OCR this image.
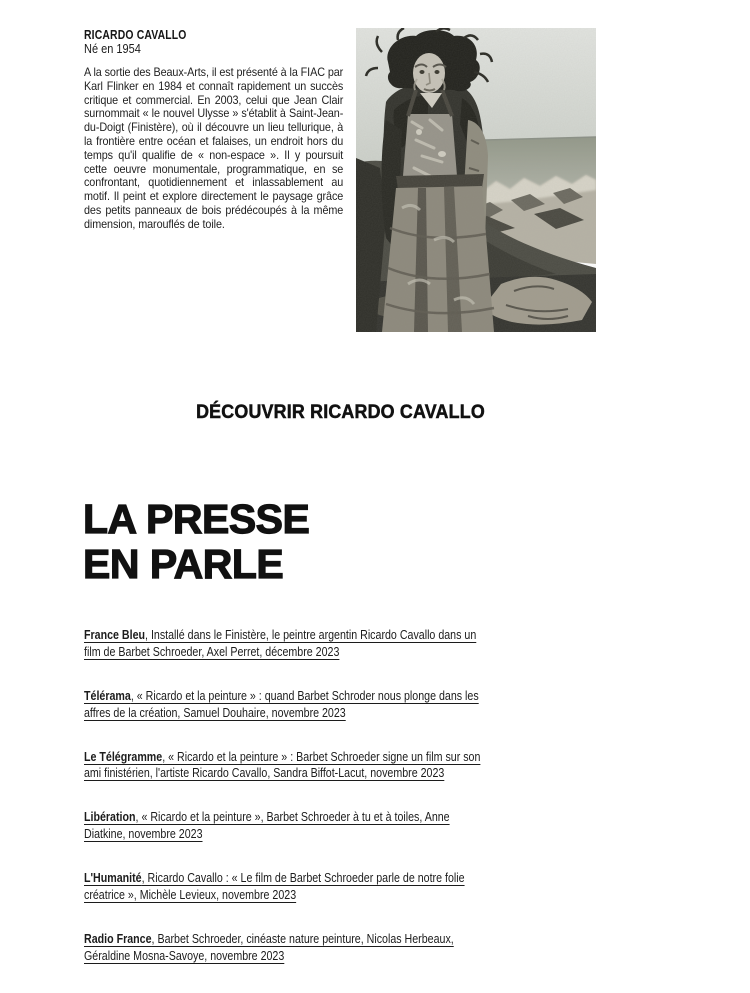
RICARDO CAVALLO

Né en 1954

A la sortie des Beaux-Arts, il est présenté à la FIAC par Karl Flinker en 1984 et connaît rapidement un succès critique et commercial. En 2003, celui que Jean Clair surnommait « le nouvel Ulysse » s'établit à Saint-Jean-du-Doigt (Finistère), où il découvre un lieu tellurique, à la frontière entre océan et falaises, un endroit hors du temps qu'il qualifie de « non-espace ». Il y poursuit cette oeuvre monumentale, programmatique, en se confrontant, quotidiennement et inlassablement au motif. Il peint et explore directement le paysage grâce des petits panneaux de bois prédécoupés à la même dimension, marouflés de toile.

DÉCOUVRIR RICARDO CAVALLO
LA PRESSE
EN PARLE
France Bleu, Installé dans le Finistère, le peintre argentin Ricardo Cavallo dans un
film de Barbet Schroeder, Axel Perret, décembre 2023
Télérama, « Ricardo et la peinture » : quand Barbet Schroder nous plonge dans les
affres de la création, Samuel Douhaire, novembre 2023
Le Télégramme, « Ricardo et la peinture » : Barbet Schroeder signe un film sur son
ami finistérien, l'artiste Ricardo Cavallo, Sandra Biffot-Lacut, novembre 2023
Libération, « Ricardo et la peinture », Barbet Schroeder à tu et à toiles, Anne
Diatkine, novembre 2023
L'Humanité, Ricardo Cavallo : « Le film de Barbet Schroeder parle de notre folie
créatrice », Michèle Levieux, novembre 2023
Radio France, Barbet Schroeder, cinéaste nature peinture, Nicolas Herbeaux,
Géraldine Mosna-Savoye, novembre 2023
